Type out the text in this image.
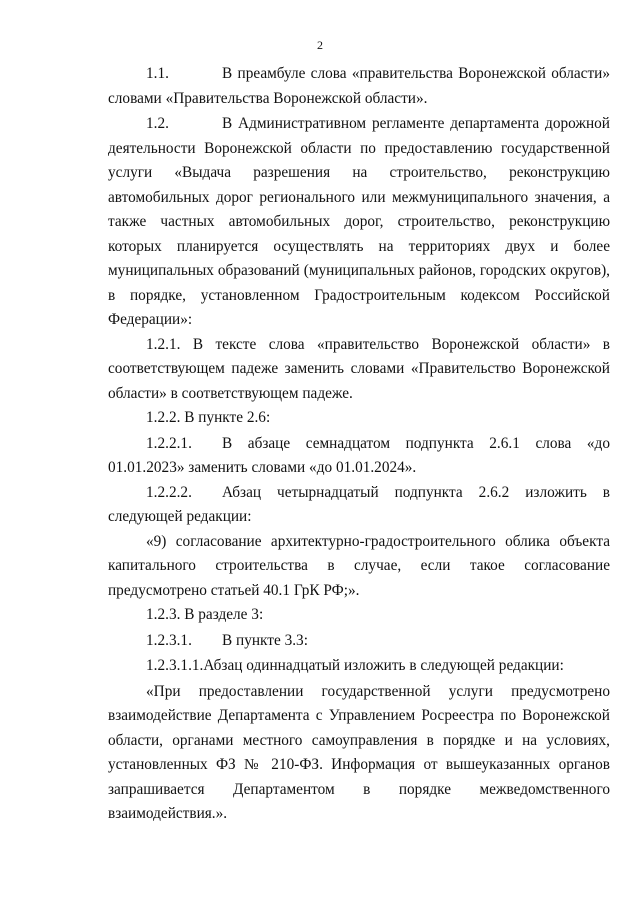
2

1.1.	В преамбуле слова «правительства Воронежской области» словами «Правительства Воронежской области».

1.2.	В Административном регламенте департамента дорожной деятельности Воронежской области по предоставлению государственной услуги «Выдача разрешения на строительство, реконструкцию автомобильных дорог регионального или межмуниципального значения, а также частных автомобильных дорог, строительство, реконструкцию которых планируется осуществлять на территориях двух и более муниципальных образований (муниципальных районов, городских округов), в порядке, установленном Градостроительным кодексом Российской Федерации»:

1.2.1. В тексте слова «правительство Воронежской области» в соответствующем падеже заменить словами «Правительство Воронежской области» в соответствующем падеже.

1.2.2. В пункте 2.6:

1.2.2.1. В абзаце семнадцатом подпункта 2.6.1 слова «до 01.01.2023» заменить словами «до 01.01.2024».

1.2.2.2. Абзац четырнадцатый подпункта 2.6.2 изложить в следующей редакции:

«9) согласование архитектурно-градостроительного облика объекта капитального строительства в случае, если такое согласование предусмотрено статьей 40.1 ГрК РФ;».

1.2.3. В разделе 3:

1.2.3.1. В пункте 3.3:

1.2.3.1.1.Абзац одиннадцатый изложить в следующей редакции:

«При предоставлении государственной услуги предусмотрено взаимодействие Департамента с Управлением Росреестра по Воронежской области, органами местного самоуправления в порядке и на условиях, установленных ФЗ № 210-ФЗ. Информация от вышеуказанных органов запрашивается Департаментом в порядке межведомственного взаимодействия.».
